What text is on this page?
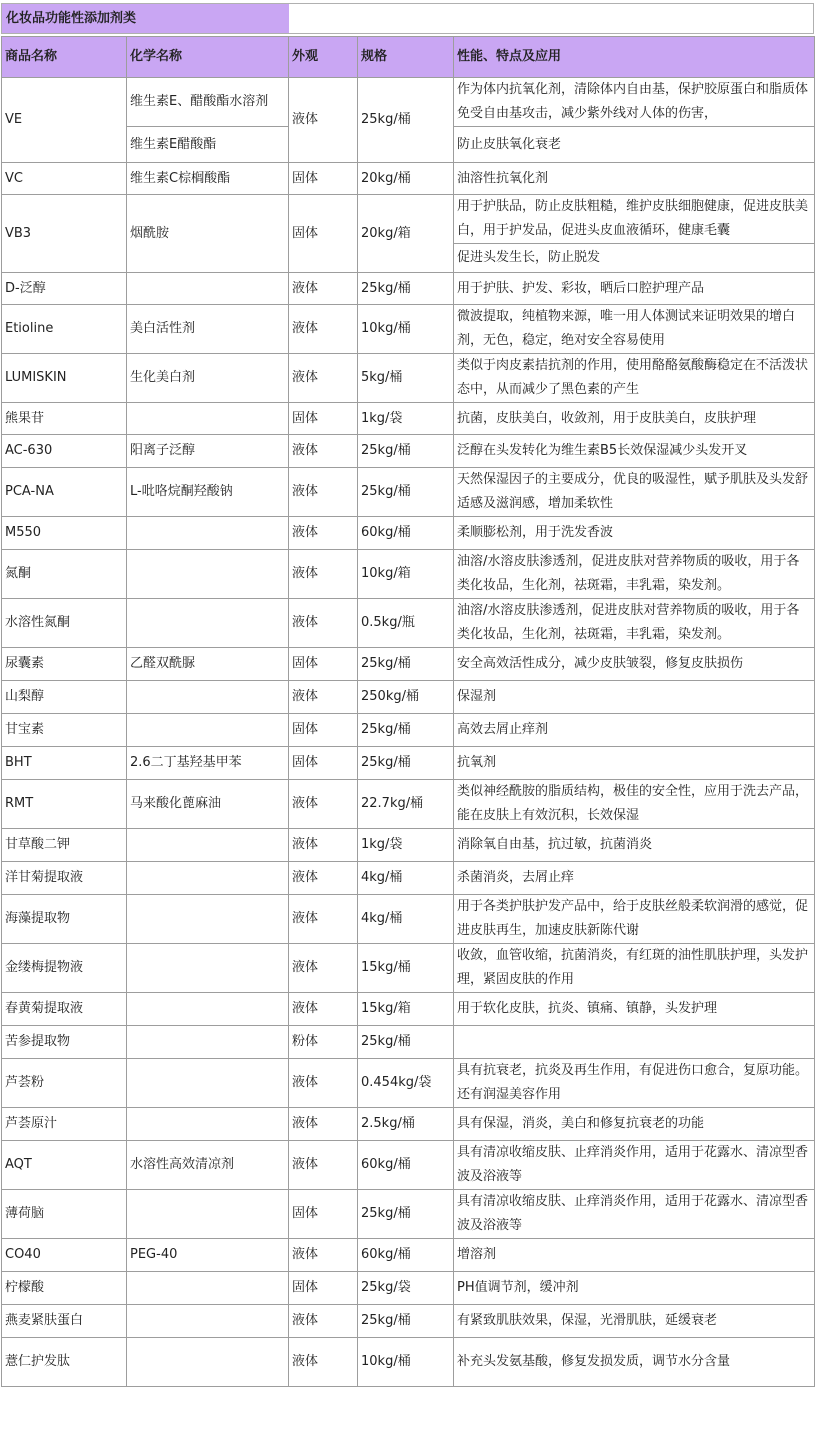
化妆品功能性添加剂类
商品名称	化学名称	外观	规格	性能、特点及应用
VE	维生素E、醋酸酯水溶剂	液体	25kg/桶	作为体内抗氧化剂，清除体内自由基，保护胶原蛋白和脂质体免受自由基攻击，减少紫外线对人体的伤害，
	维生素E醋酸酯			防止皮肤氧化衰老
VC	维生素C棕榈酸酯	固体	20kg/桶	油溶性抗氧化剂
VB3	烟酰胺	固体	20kg/箱	用于护肤品，防止皮肤粗糙，维护皮肤细胞健康，促进皮肤美白，用于护发品，促进头皮血液循环，健康毛囊
				促进头发生长，防止脱发
D-泛醇		液体	25kg/桶	用于护肤、护发、彩妆，晒后口腔护理产品
Etioline	美白活性剂	液体	10kg/桶	微波提取，纯植物来源，唯一用人体测试来证明效果的增白剂，无色，稳定，绝对安全容易使用
LUMISKIN	生化美白剂	液体	5kg/桶	类似于肉皮素拮抗剂的作用，使用酪酪氨酸酶稳定在不活泼状态中，从而减少了黑色素的产生
熊果苷		固体	1kg/袋	抗菌，皮肤美白，收敛剂，用于皮肤美白，皮肤护理
AC-630	阳离子泛醇	液体	25kg/桶	泛醇在头发转化为维生素B5长效保湿减少头发开叉
PCA-NA	L-吡咯烷酮羟酸钠	液体	25kg/桶	天然保湿因子的主要成分，优良的吸湿性，赋予肌肤及头发舒适感及滋润感，增加柔软性
M550		液体	60kg/桶	柔顺膨松剂，用于洗发香波
氮酮		液体	10kg/箱	油溶/水溶皮肤渗透剂，促进皮肤对营养物质的吸收，用于各类化妆品，生化剂，祛斑霜，丰乳霜，染发剂。
水溶性氮酮		液体	0.5kg/瓶	油溶/水溶皮肤渗透剂，促进皮肤对营养物质的吸收，用于各类化妆品，生化剂，祛斑霜，丰乳霜，染发剂。
尿囊素	乙醛双酰脲	固体	25kg/桶	安全高效活性成分，减少皮肤皱裂，修复皮肤损伤
山梨醇		液体	250kg/桶	保湿剂
甘宝素		固体	25kg/桶	高效去屑止痒剂
BHT	2.6二丁基羟基甲苯	固体	25kg/桶	抗氧剂
RMT	马来酸化蓖麻油	液体	22.7kg/桶	类似神经酰胺的脂质结构，极佳的安全性，应用于洗去产品，能在皮肤上有效沉积，长效保湿
甘草酸二钾		液体	1kg/袋	消除氧自由基，抗过敏，抗菌消炎
洋甘菊提取液		液体	4kg/桶	杀菌消炎，去屑止痒
海藻提取物		液体	4kg/桶	用于各类护肤护发产品中，给于皮肤丝般柔软润滑的感觉，促进皮肤再生，加速皮肤新陈代谢
金缕梅提物液		液体	15kg/桶	收敛，血管收缩，抗菌消炎，有红斑的油性肌肤护理，头发护理，紧固皮肤的作用
春黄菊提取液		液体	15kg/箱	用于软化皮肤，抗炎、镇痛、镇静，头发护理
苦参提取物		粉体	25kg/桶	
芦荟粉		液体	0.454kg/袋	具有抗衰老，抗炎及再生作用，有促进伤口愈合，复原功能。还有润湿美容作用
芦荟原汁		液体	2.5kg/桶	具有保湿，消炎，美白和修复抗衰老的功能
AQT	水溶性高效清凉剂	液体	60kg/桶	具有清凉收缩皮肤、止痒消炎作用，适用于花露水、清凉型香波及浴液等
薄荷脑		固体	25kg/桶	具有清凉收缩皮肤、止痒消炎作用，适用于花露水、清凉型香波及浴液等
CO40	PEG-40	液体	60kg/桶	增溶剂
柠檬酸		固体	25kg/袋	PH值调节剂，缓冲剂
燕麦紧肤蛋白		液体	25kg/桶	有紧致肌肤效果，保湿，光滑肌肤，延缓衰老
薏仁护发肽		液体	10kg/桶	补充头发氨基酸，修复发损发质，调节水分含量
